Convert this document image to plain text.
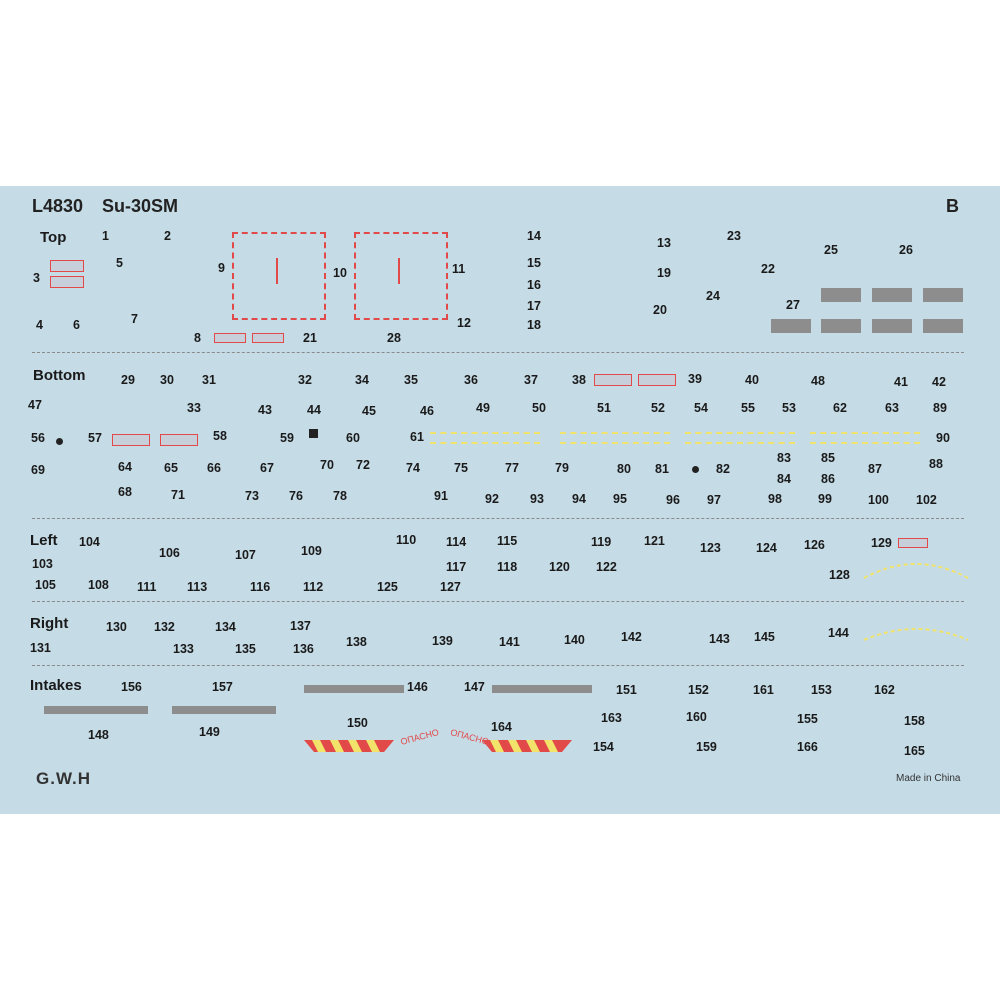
L4830 Su-30SM	B
Top
Bottom
Left
Right
Intakes
ОПАСНО ОПАСНО
1	2
3
4
5
6	7
8
9	10	11
12
13
14
15
16
17
18
19
20
21
22
23
24
25	26
27
28
29 30 31	32
33
34	35	36	37	38	39	40	41 42
43	44	45	46
47
48
49	50	51	52	53
54	55
56	57	58	59	60	61
62	63
64	65 66	67
68
69	70
71
72
73
74	75
76
77
78
79	80 81	82
83
84
85
86
87	88
89
90
91	92 93 94 95	96 97	98	99	100 102
103
104
105
106	107
108
109
110
111	112
113
114 115
116
117 118
119
120
121
122
123	124
125
126
127
128
129
130
131
132
133
134
135	136
137
138	139	140
141	142	143	144
145
146	147
148	149
150
151	152	153
154
155
156	157
158
159
160
161	162
163
164
165
166
G.W.H	Made in China
